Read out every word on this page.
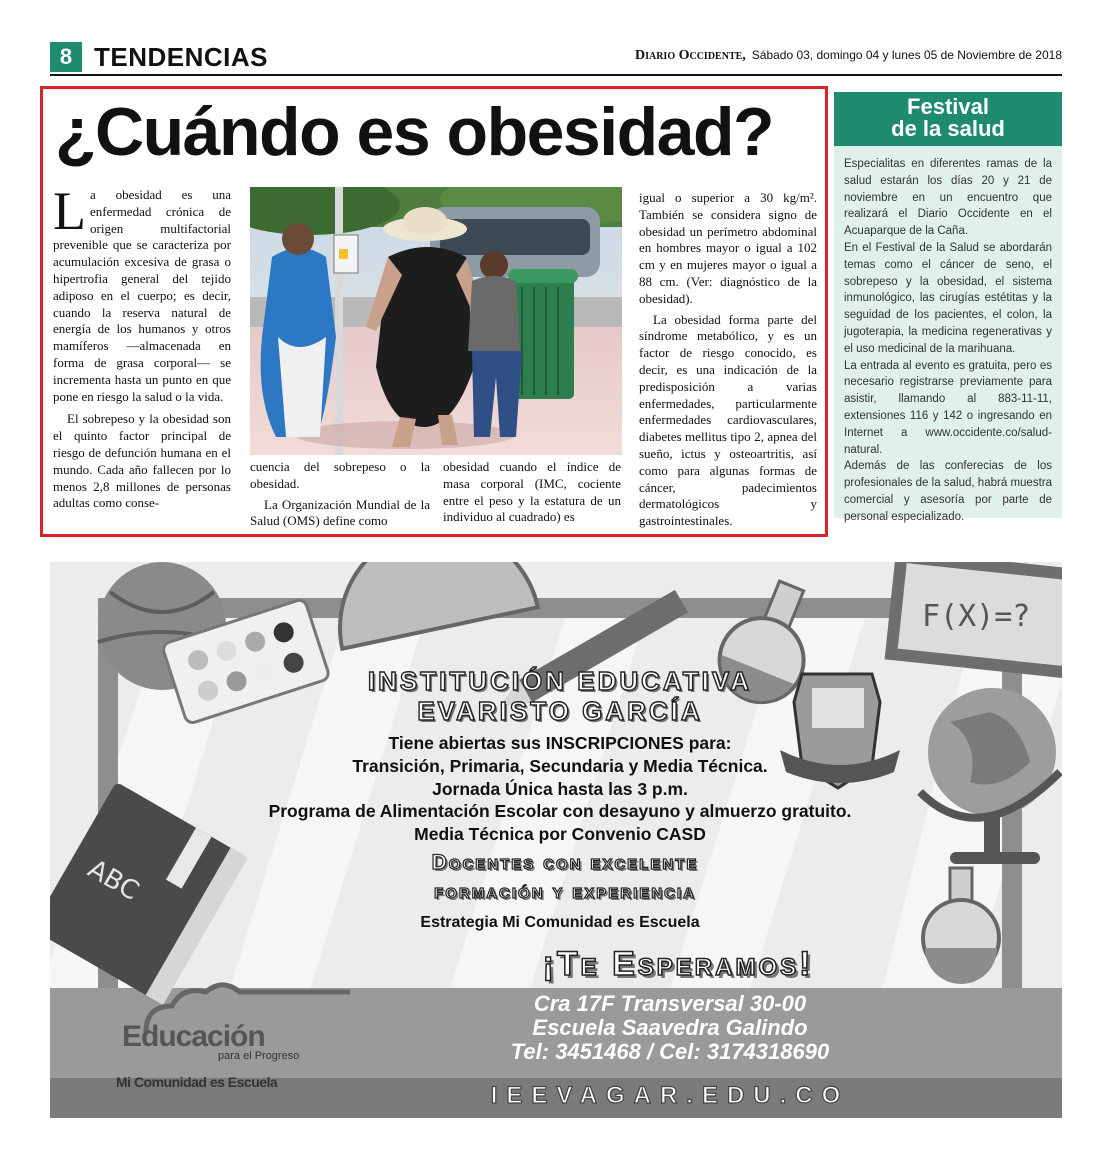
8 TENDENCIAS	Diario Occidente, Sábado 03, domingo 04 y lunes 05 de Noviembre de 2018
¿Cuándo es obesidad?

La obesidad es una enfermedad crónica de origen multifactorial prevenible que se caracteriza por acumulación excesiva de grasa o hipertrofia general del tejido adiposo en el cuerpo; es decir, cuando la reserva natural de energía de los humanos y otros mamíferos —almacenada en forma de grasa corporal— se incrementa hasta un punto en que pone en riesgo la salud o la vida.

El sobrepeso y la obesidad son el quinto factor principal de riesgo de defunción humana en el mundo. Cada año fallecen por lo menos 2,8 millones de personas adultas como conse-

cuencia del sobrepeso o la obesidad.

La Organización Mundial de la Salud (OMS) define como

obesidad cuando el índice de masa corporal (IMC, cociente entre el peso y la estatura de un individuo al cuadrado) es

igual o superior a 30 kg/m². También se considera signo de obesidad un perímetro abdominal en hombres mayor o igual a 102 cm y en mujeres mayor o igual a 88 cm. (Ver: diagnóstico de la obesidad).

La obesidad forma parte del síndrome metabólico, y es un factor de riesgo conocido, es decir, es una indicación de la predisposición a varias enfermedades, particularmente enfermedades cardiovasculares, diabetes mellitus tipo 2, apnea del sueño, ictus y osteoartritis, así como para algunas formas de cáncer, padecimientos dermatológicos y gastrointestinales.

Festival
de la salud

Especialitas en diferentes ramas de la salud estarán los días 20 y 21 de noviembre en un encuentro que realizará el Diario Occidente en el Acuaparque de la Caña.

En el Festival de la Salud se abordarán temas como el cáncer de seno, el sobrepeso y la obesidad, el sistema inmunológico, las cirugías estétitas y la seguidad de los pacientes, el colon, la jugoterapia, la medicina regenerativas y el uso medicinal de la marihuana.

La entrada al evento es gratuita, pero es necesario registrarse previamente para asistir, llamando al 883-11-11, extensiones 116 y 142 o ingresando en Internet a www.occidente.co/salud-natural.

Además de las conferecias de los profesionales de la salud, habrá muestra comercial y asesoría por parte de personal especializado.

F(X)=?
ABC
INSTITUCIÓN EDUCATIVA
EVARISTO GARCÍA
Tiene abiertas sus INSCRIPCIONES para:
Transición, Primaria, Secundaria y Media Técnica.
Jornada Única hasta las 3 p.m.
Programa de Alimentación Escolar con desayuno y almuerzo gratuito.
Media Técnica por Convenio CASD
Docentes con excelente
formación y experiencia
Estrategia Mi Comunidad es Escuela
¡Te Esperamos!
Cra 17F Transversal 30-00
Escuela Saavedra Galindo
Tel: 3451468 / Cel: 3174318690
IEEVAGAR.EDU.CO
Educación
para el Progreso
Mi Comunidad es Escuela
